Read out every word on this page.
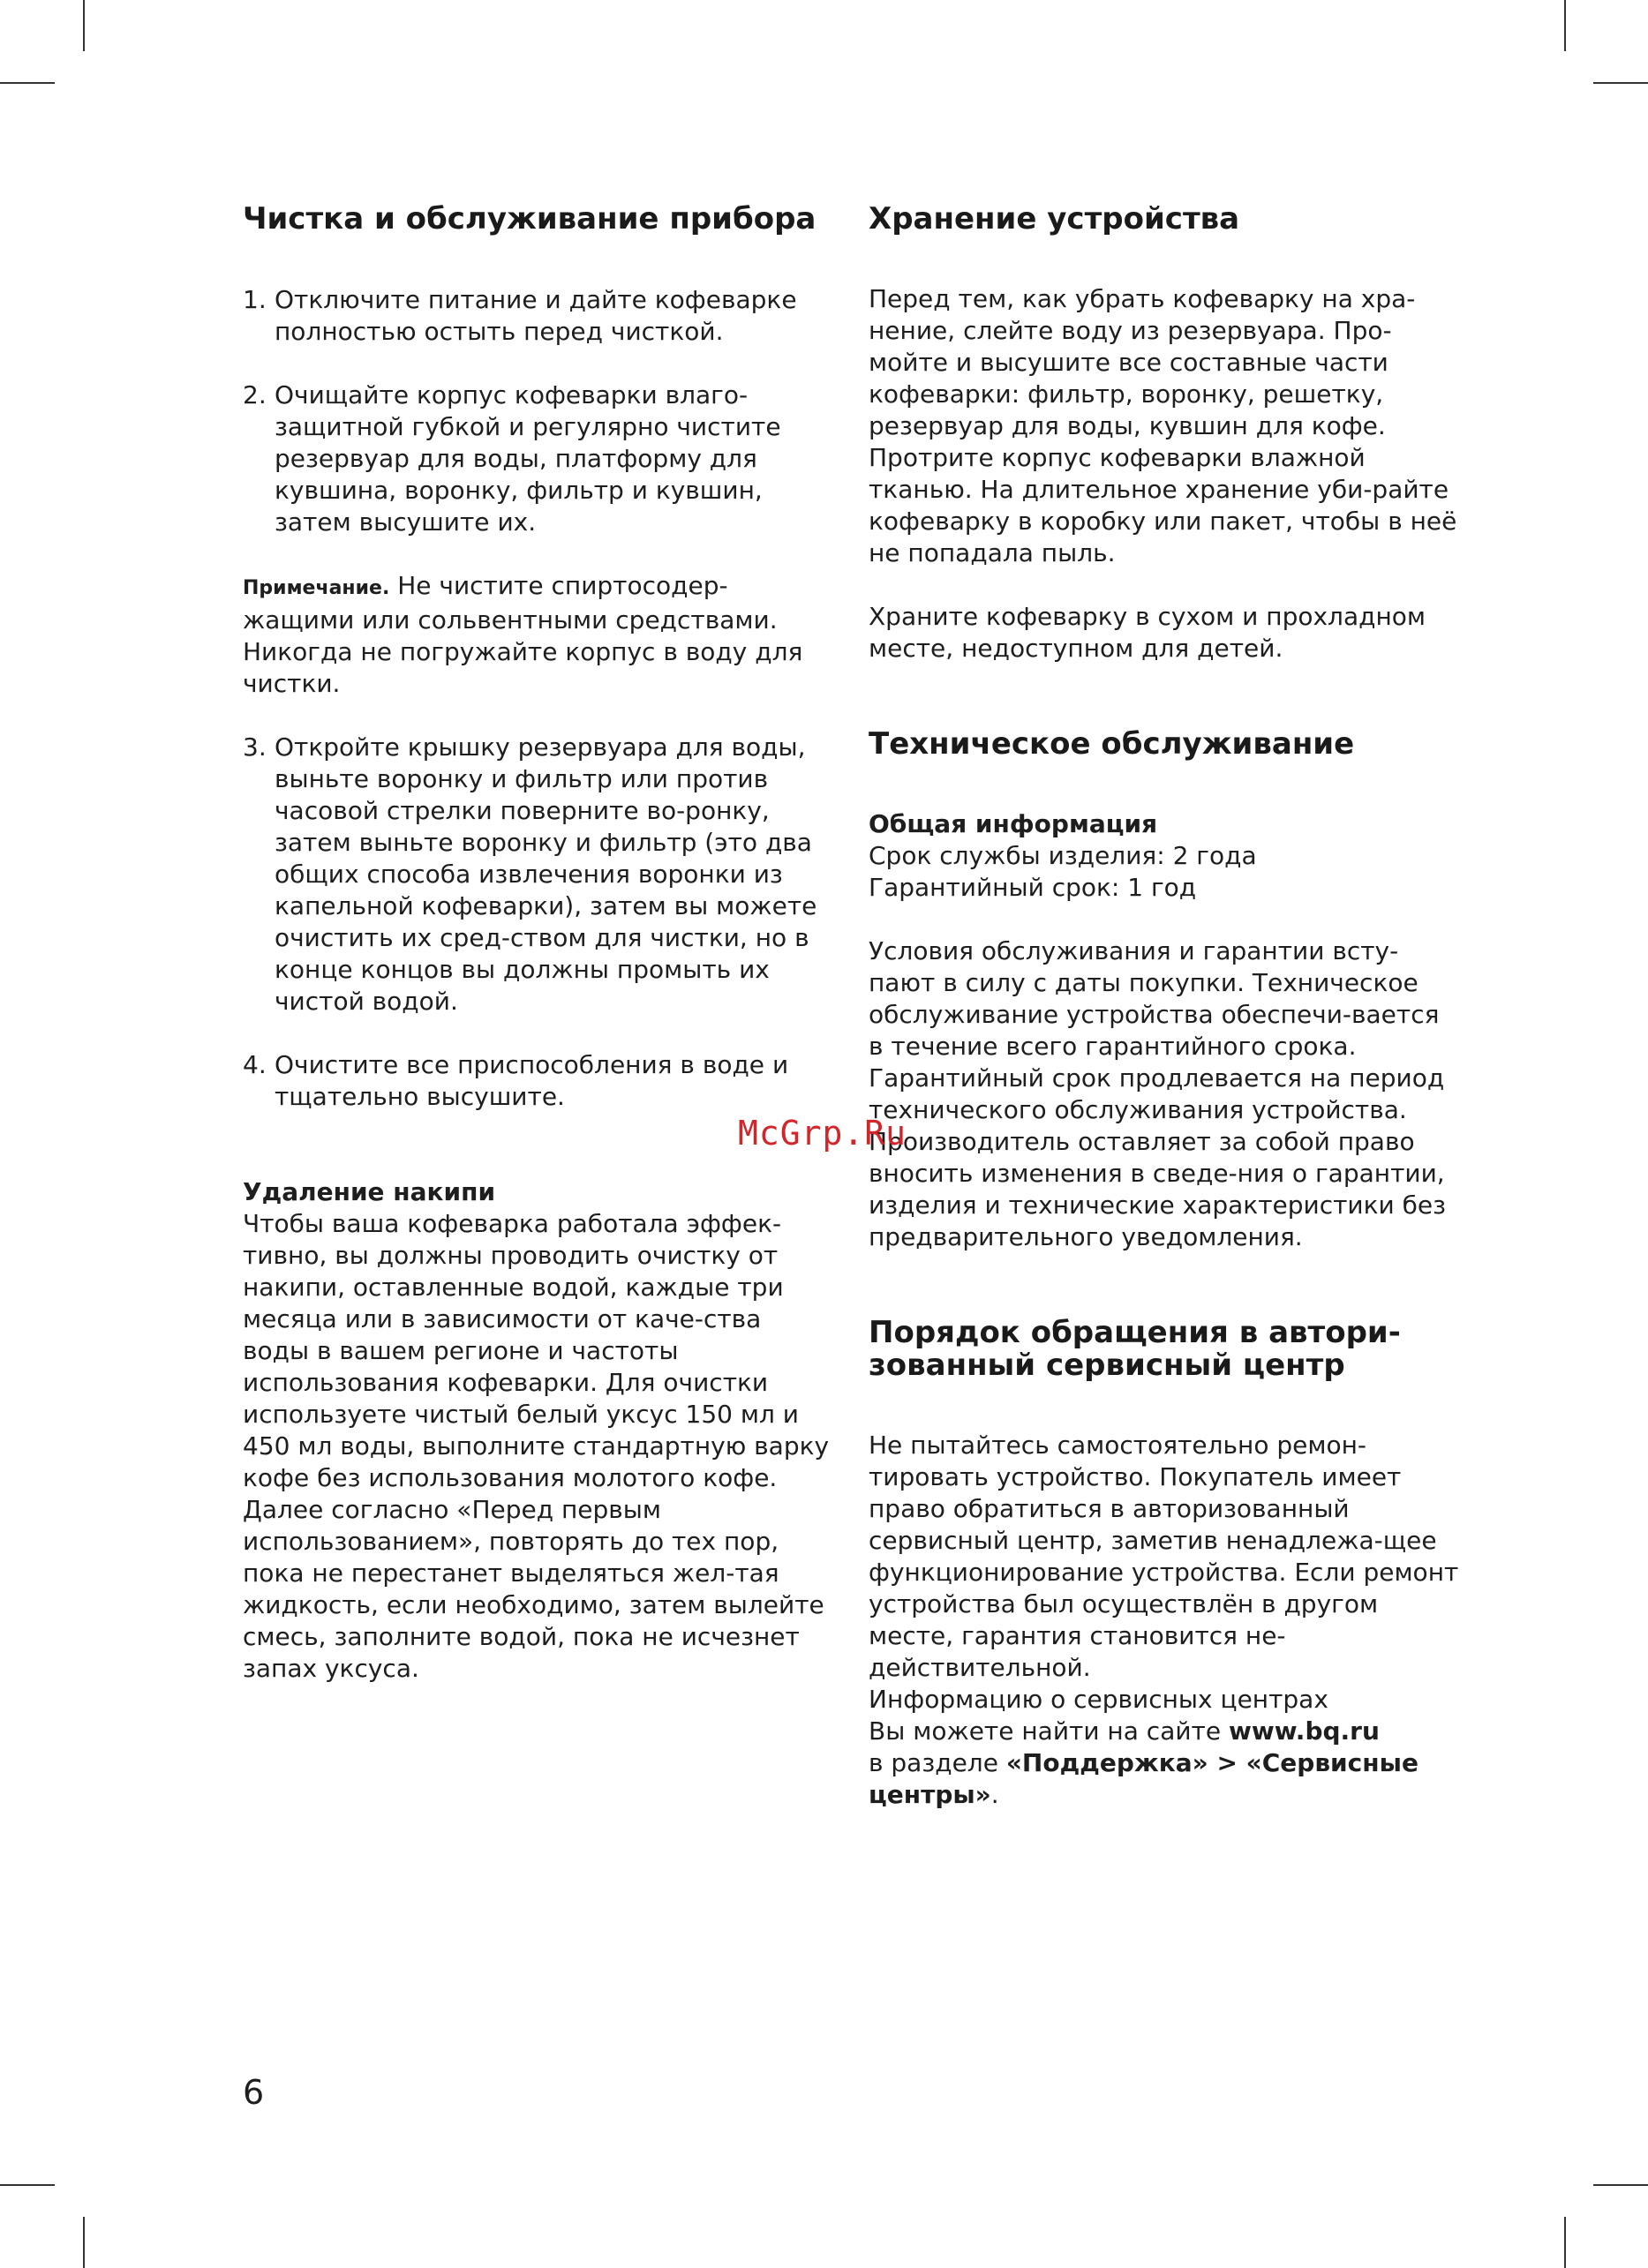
Чистка и обслуживание прибора
1. Отключите питание и дайте кофеварке полностью остыть перед чисткой.
2. Очищайте корпус кофеварки влаго-защитной губкой и регулярно чистите резервуар для воды, платформу для кувшина, воронку, фильтр и кувшин, затем высушите их.

Примечание. Не чистите спиртосодер-жащими или сольвентными средствами. Никогда не погружайте корпус в воду для чистки.

3. Откройте крышку резервуара для воды, выньте воронку и фильтр или против часовой стрелки поверните во-ронку, затем выньте воронку и фильтр (это два общих способа извлечения воронки из капельной кофеварки), затем вы можете очистить их сред-ством для чистки, но в конце концов вы должны промыть их чистой водой.
4. Очистите все приспособления в воде и тщательно высушите.

Удаление накипи

Чтобы ваша кофеварка работала эффек-тивно, вы должны проводить очистку от накипи, оставленные водой, каждые три месяца или в зависимости от каче-ства воды в вашем регионе и частоты использования кофеварки. Для очистки используете чистый белый уксус 150 мл и 450 мл воды, выполните стандартную варку кофе без использования молотого кофе. Далее согласно «Перед первым использованием», повторять до тех пор, пока не перестанет выделяться жел-тая жидкость, если необходимо, затем вылейте смесь, заполните водой, пока не исчезнет запах уксуса.

Хранение устройства

Перед тем, как убрать кофеварку на хра-нение, слейте воду из резервуара. Про-мойте и высушите все составные части кофеварки: фильтр, воронку, решетку, резервуар для воды, кувшин для кофе. Протрите корпус кофеварки влажной тканью. На длительное хранение уби-райте кофеварку в коробку или пакет, чтобы в неё не попадала пыль.

Храните кофеварку в сухом и прохладном месте, недоступном для детей.

Техническое обслуживание

Общая информация

Срок службы изделия: 2 года

Гарантийный срок: 1 год

Условия обслуживания и гарантии всту-пают в силу с даты покупки. Техническое обслуживание устройства обеспечи-вается в течение всего гарантийного срока. Гарантийный срок продлевается на период технического обслуживания устройства. Производитель оставляет за собой право вносить изменения в сведе-ния о гарантии, изделия и технические характеристики без предварительного уведомления.

Порядок обращения в автори-зованный сервисный центр

Не пытайтесь самостоятельно ремон-тировать устройство. Покупатель имеет право обратиться в авторизованный сервисный центр, заметив ненадлежа-щее функционирование устройства. Если ремонт устройства был осуществлён в другом месте, гарантия становится не-действительной.

Информацию о сервисных центрах

Вы можете найти на сайте www.bq.ru

в разделе «Поддержка» > «Сервисные центры».

McGrp.Ru
6
